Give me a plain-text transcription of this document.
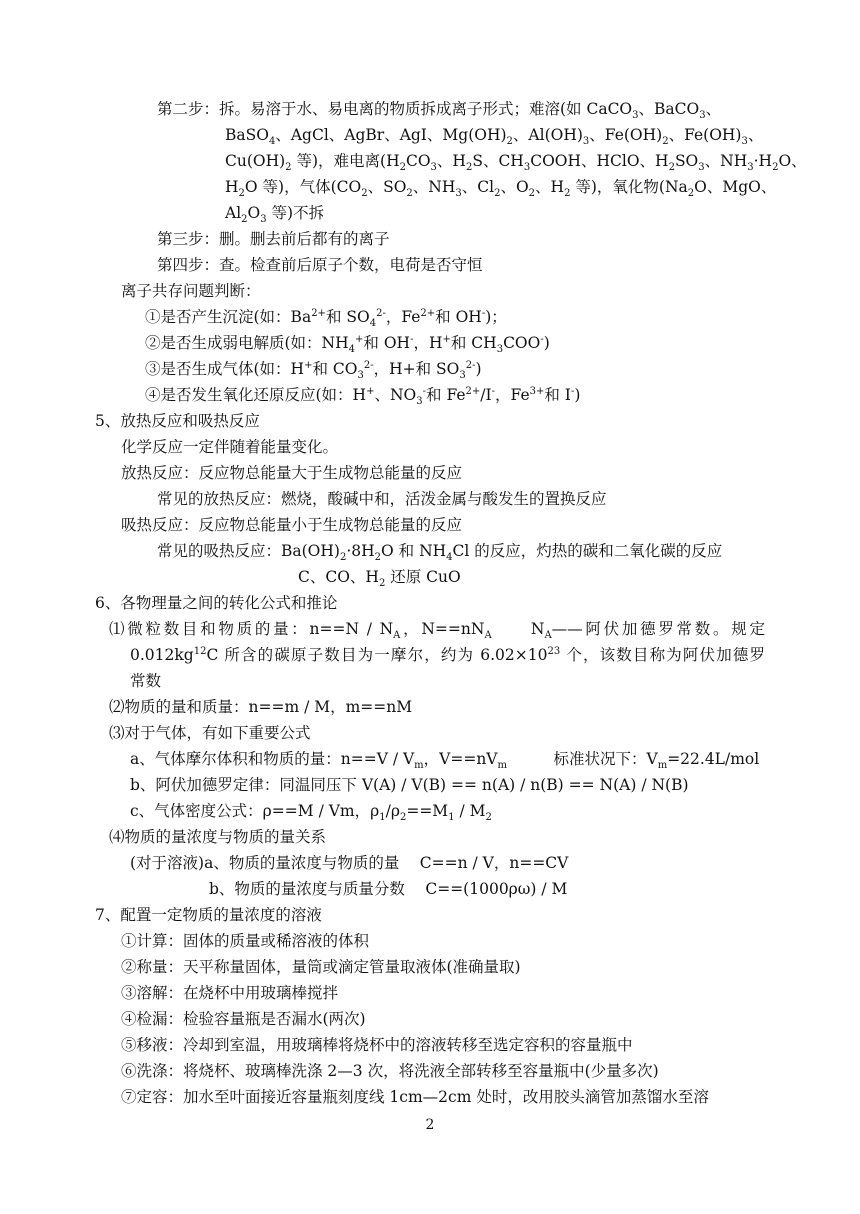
第二步：拆。易溶于水、易电离的物质拆成离子形式；难溶(如 CaCO$_3$、BaCO$_3$、
BaSO$_4$、AgCl、AgBr、AgI、$Mg(OH)_2$、$Al(OH)_3$、$Fe(OH)_2$、$Fe(OH)_3$、
$Cu(OH)_2$ 等)，难电离($H_2CO_3$、$H_2S$、$CH_3COOH$、HClO、$H_2SO_3$、$NH_3\cdot H_2O$、
$H_2O$ 等)，气体($CO_2$、$SO_2$、$NH_3$、$Cl_2$、$O_2$、$H_2$ 等)，氧化物($Na_2O$、MgO、
$Al_2O_3$ 等)不拆
第三步：删。删去前后都有的离子
第四步：查。检查前后原子个数，电荷是否守恒
离子共存问题判断：
①是否产生沉淀(如：$Ba^{2+}$和 $SO_4^{2-}$，$Fe^{2+}$和 OH-)；
②是否生成弱电解质(如：$NH_4^+$和 OH-，H+和 $CH_3COO^-$)
③是否生成气体(如：H+和 $CO_3^{2-}$，H+和 $SO_3^{2-}$)
④是否发生氧化还原反应(如：H+、$NO_3^-$和 $Fe^{2+}/I^-$，$Fe^{3+}$和 I-)
5、放热反应和吸热反应
化学反应一定伴随着能量变化。
放热反应：反应物总能量大于生成物总能量的反应
常见的放热反应：燃烧，酸碱中和，活泼金属与酸发生的置换反应
吸热反应：反应物总能量小于生成物总能量的反应
常见的吸热反应：$Ba(OH)_2\cdot 8H_2O$ 和 $NH_4Cl$ 的反应，灼热的碳和二氧化碳的反应
C、CO、$H_2$ 还原 CuO
6、各物理量之间的转化公式和推论
⑴微粒数目和物质的量：$n==N / N_A$，$N==nN_A$　　$N_A——$阿伏加德罗常数。规定
$0.012kg^{12}C$ 所含的碳原子数目为一摩尔，约为 $6.02\times 10^{23}$ 个，该数目称为阿伏加德罗
常数
⑵物质的量和质量：n==m / M，m==nM
⑶对于气体，有如下重要公式
a、气体摩尔体积和物质的量：$n==V / V_m$，$V==nV_m$　　　标准状况下：$V_m=22.4L$/mol
b、阿伏加德罗定律：同温同压下 V(A) / V(B) == n(A) / n(B) == N(A) / N(B)
c、气体密度公式：ρ==M / Vm，$\rho_1/\rho_2==M_1 / M_2$
⑷物质的量浓度与物质的量关系
(对于溶液)a、物质的量浓度与物质的量　 C==n / V，n==CV
b、物质的量浓度与质量分数　 C==(1000ρω) / M
7、配置一定物质的量浓度的溶液
①计算：固体的质量或稀溶液的体积
②称量：天平称量固体，量筒或滴定管量取液体(准确量取)
③溶解：在烧杯中用玻璃棒搅拌
④检漏：检验容量瓶是否漏水(两次)
⑤移液：冷却到室温，用玻璃棒将烧杯中的溶液转移至选定容积的容量瓶中
⑥洗涤：将烧杯、玻璃棒洗涤 2—3 次，将洗液全部转移至容量瓶中(少量多次)
⑦定容：加水至叶面接近容量瓶刻度线 1cm—2cm 处时，改用胶头滴管加蒸馏水至溶
2
